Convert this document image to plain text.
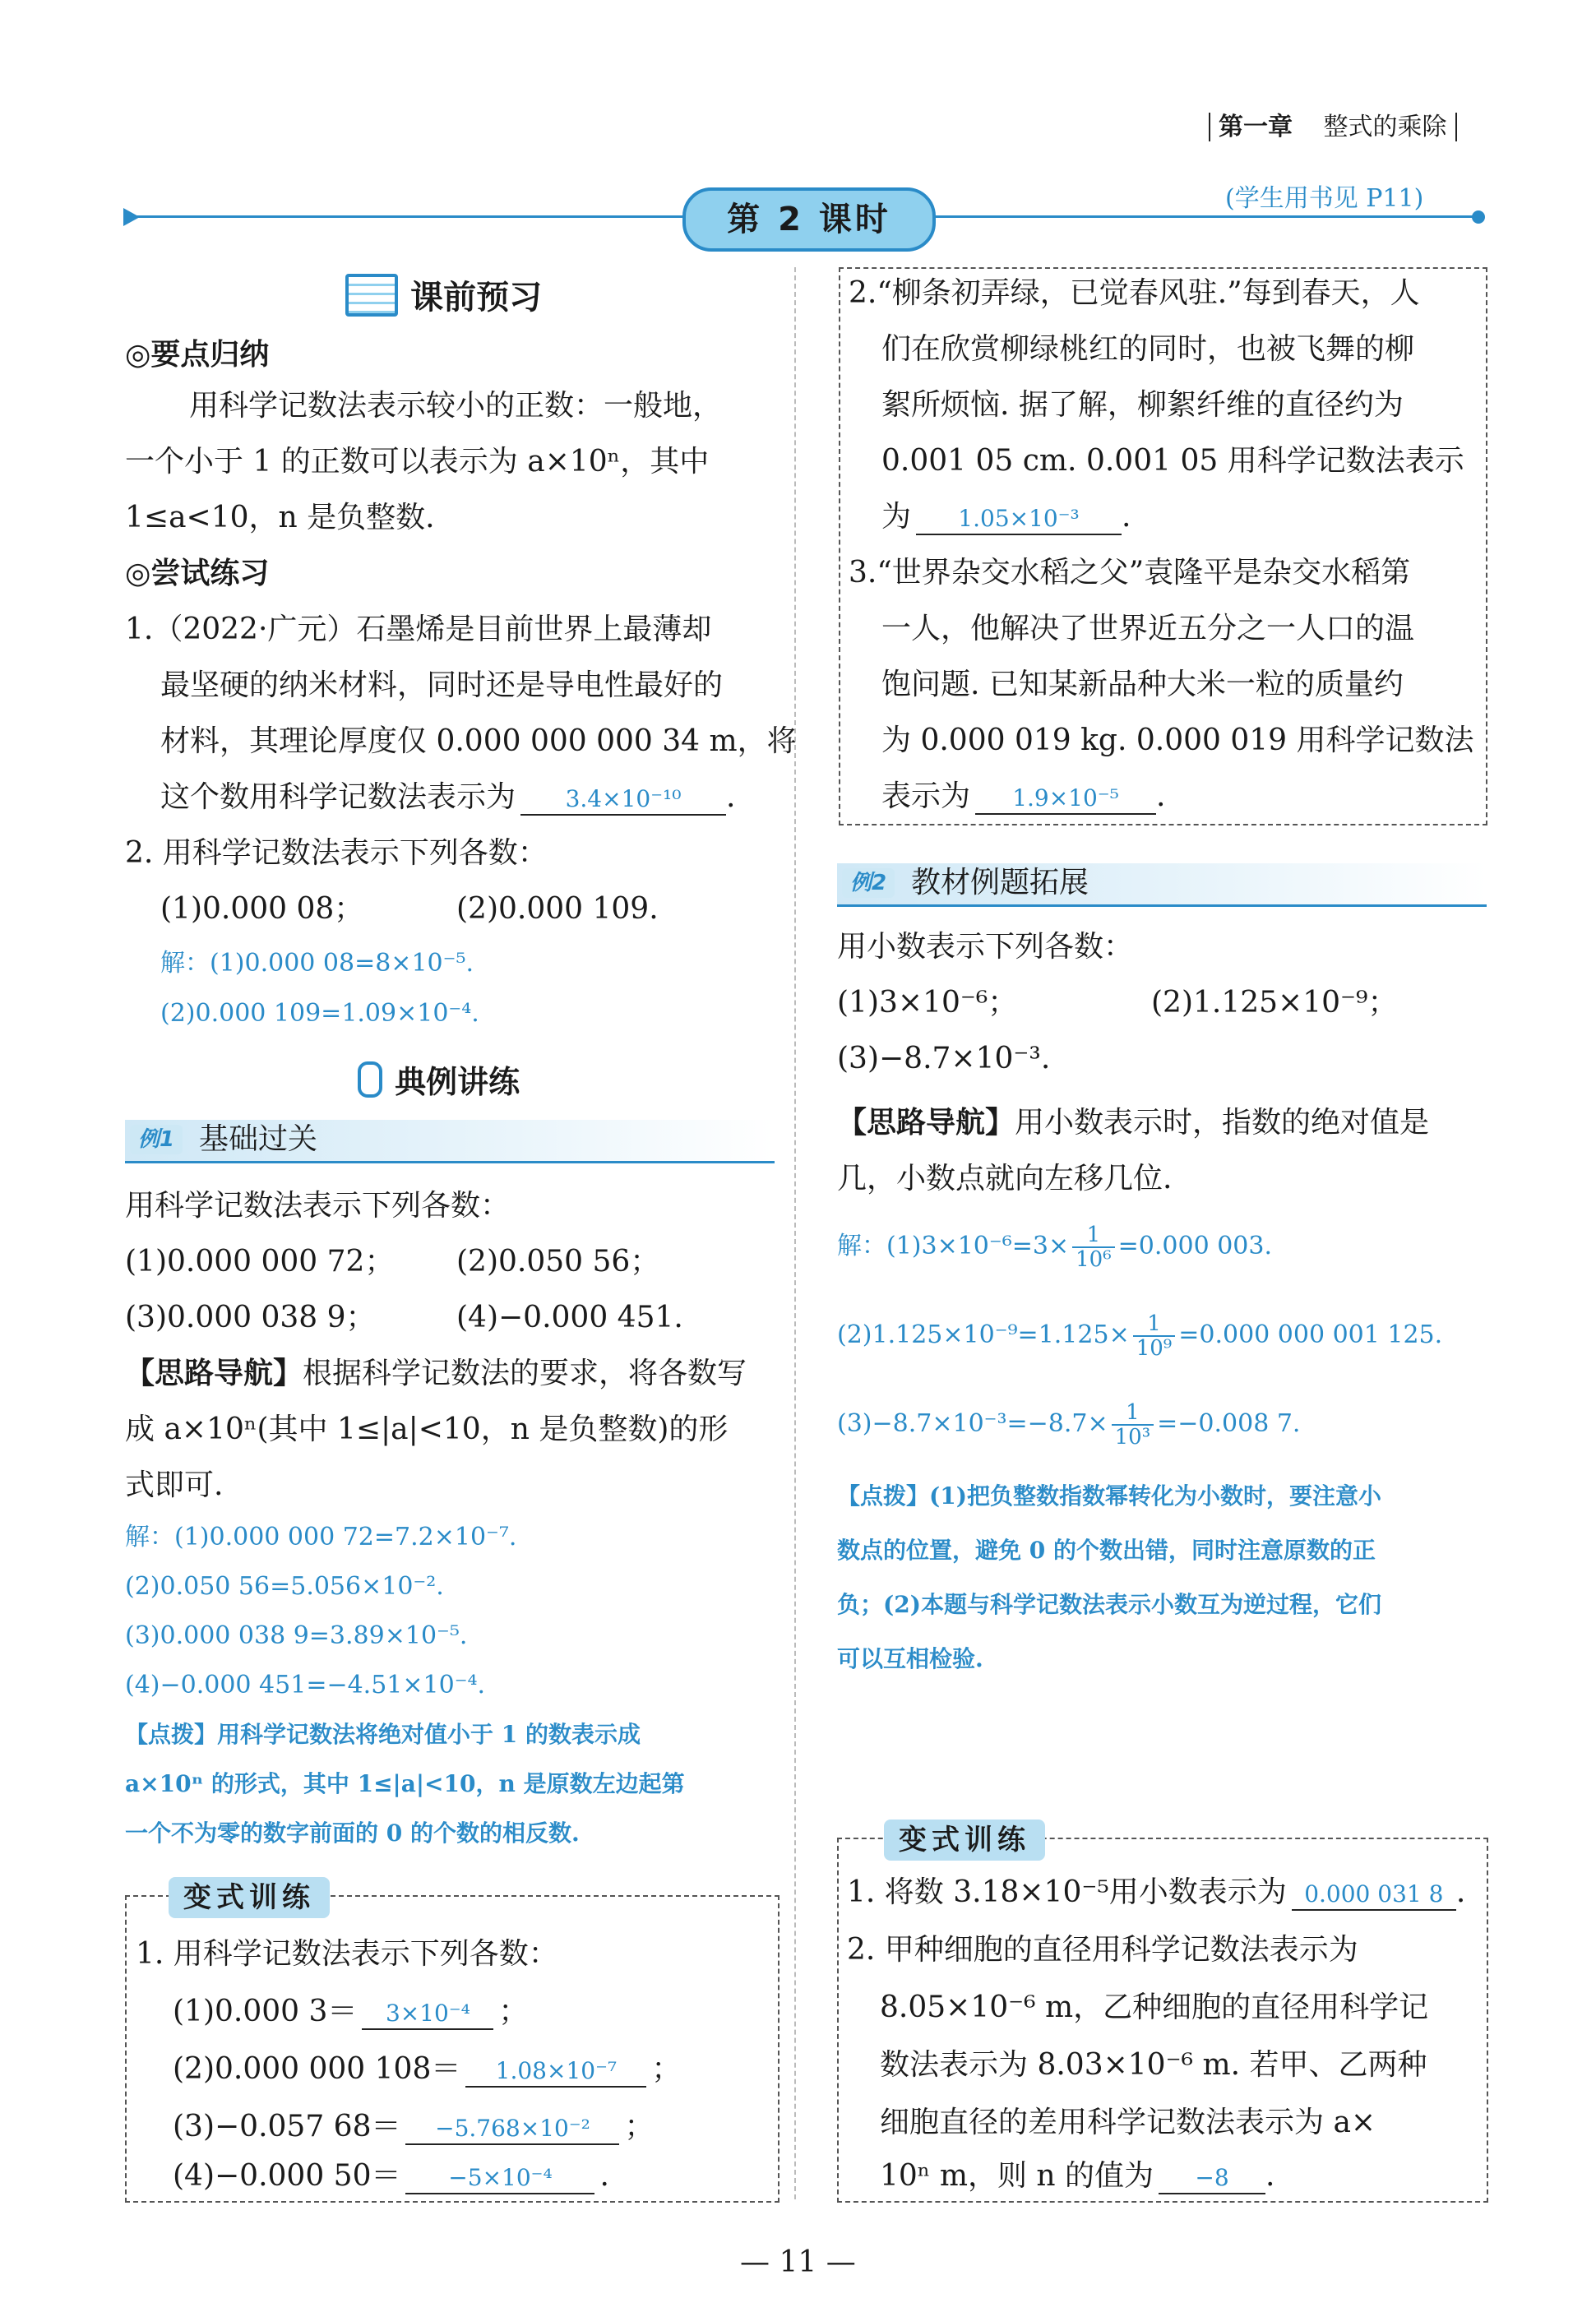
第一章 整式的乘除
第 2 课时
(学生用书见 P11)
课前预习
◎要点归纳
用科学记数法表示较小的正数：一般地，
一个小于 1 的正数可以表示为 a×10ⁿ，其中
1≤a<10，n 是负整数.
◎尝试练习
1.（2022·广元）石墨烯是目前世界上最薄却
最坚硬的纳米材料，同时还是导电性最好的
材料，其理论厚度仅 0.000 000 000 34 m，将
这个数用科学记数法表示为 3.4×10⁻¹⁰ .
2. 用科学记数法表示下列各数：
(1)0.000 08；	(2)0.000 109.
解：(1)0.000 08=8×10⁻⁵.
(2)0.000 109=1.09×10⁻⁴.
典例讲练
例1 基础过关
用科学记数法表示下列各数：
(1)0.000 000 72； (2)0.050 56；
(3)0.000 038 9；	(4)−0.000 451.
【思路导航】根据科学记数法的要求，将各数写
成 a×10ⁿ(其中 1≤|a|<10，n 是负整数)的形
式即可.
解：(1)0.000 000 72=7.2×10⁻⁷.
(2)0.050 56=5.056×10⁻².
(3)0.000 038 9=3.89×10⁻⁵.
(4)−0.000 451=−4.51×10⁻⁴.
【点拨】用科学记数法将绝对值小于 1 的数表示成
a×10ⁿ 的形式，其中 1≤|a|<10，n 是原数左边起第
一个不为零的数字前面的 0 的个数的相反数.
变式训练
1. 用科学记数法表示下列各数：
(1)0.000 3＝ 3×10⁻⁴ ；
(2)0.000 000 108＝ 1.08×10⁻⁷ ；
(3)−0.057 68＝ −5.768×10⁻² ；
(4)−0.000 50＝ −5×10⁻⁴ .
2.“柳条初弄绿，已觉春风驻.”每到春天，人
们在欣赏柳绿桃红的同时，也被飞舞的柳
絮所烦恼. 据了解，柳絮纤维的直径约为
0.001 05 cm. 0.001 05 用科学记数法表示
为 1.05×10⁻³ .
3.“世界杂交水稻之父”袁隆平是杂交水稻第
一人，他解决了世界近五分之一人口的温
饱问题. 已知某新品种大米一粒的质量约
为 0.000 019 kg. 0.000 019 用科学记数法
表示为 1.9×10⁻⁵ .
例2 教材例题拓展
用小数表示下列各数：
(1)3×10⁻⁶；	(2)1.125×10⁻⁹；
(3)−8.7×10⁻³.
【思路导航】用小数表示时，指数的绝对值是
几，小数点就向左移几位.
解：$(1)3\times 10^{-6}=3\times \frac{1}{\text{10⁶}} =0.000$ 003.
$(2)1.125\times 10^{-9}=1.125\times \frac{1}{\text{10⁹}} =0.000$ 000 001 125.
$(3)-8.7\times 10^{-3}=-8.7\times \frac{1}{\text{10³}} =-0.008$ 7.
【点拨】(1)把负整数指数幂转化为小数时，要注意小
数点的位置，避免 0 的个数出错，同时注意原数的正
负；(2)本题与科学记数法表示小数互为逆过程，它们
可以互相检验.
变式训练
1. 将数 3.18×10⁻⁵用小数表示为 0.000 031 8 .
2. 甲种细胞的直径用科学记数法表示为
8.05×10⁻⁶ m，乙种细胞的直径用科学记
数法表示为 8.03×10⁻⁶ m. 若甲、乙两种
细胞直径的差用科学记数法表示为 a×
10ⁿ m，则 n 的值为 −8 .
— 11 —
